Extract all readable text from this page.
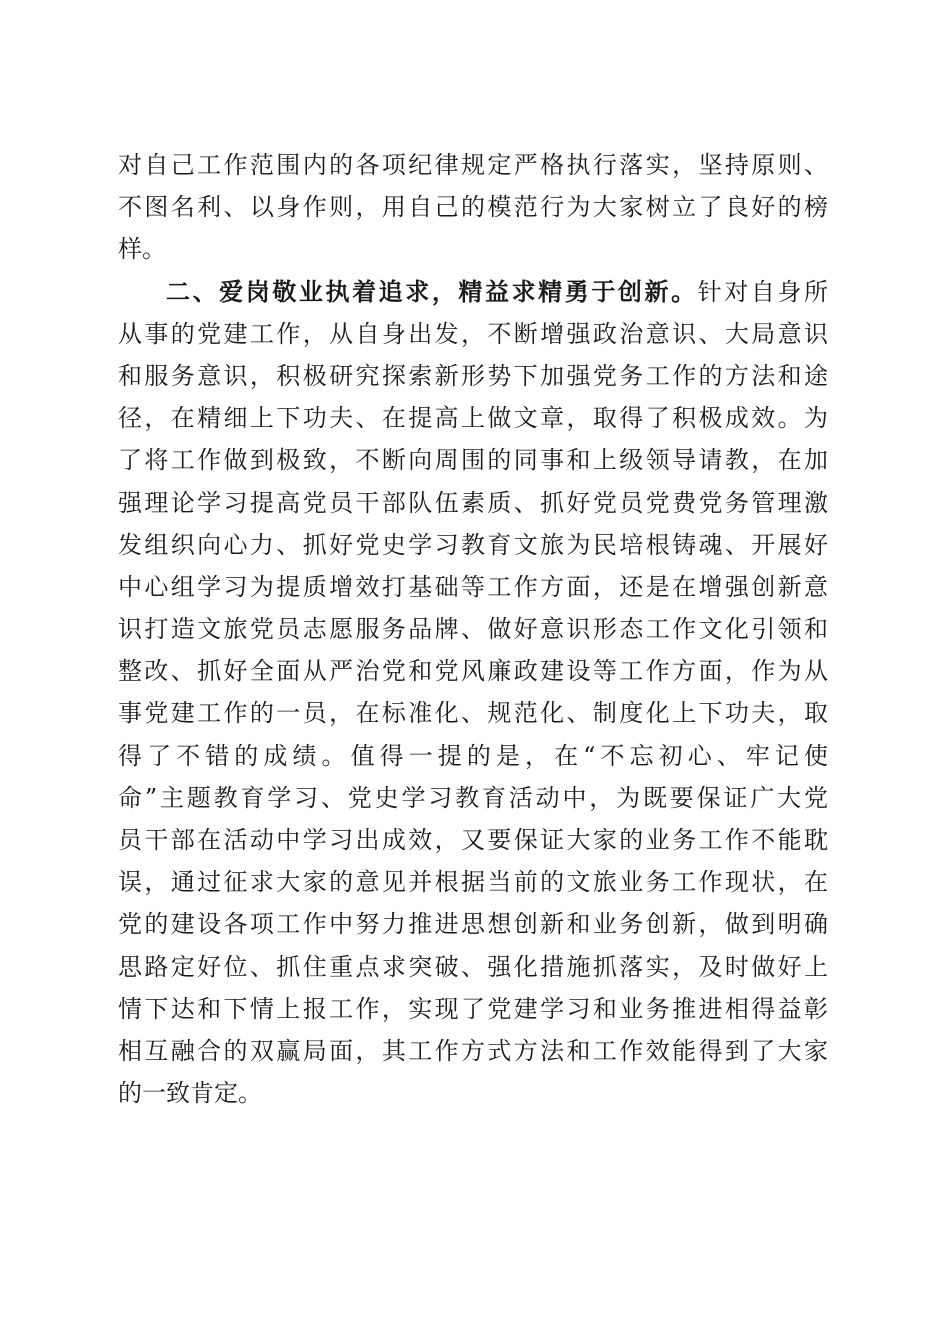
对自己工作范围内的各项纪律规定严格执行落实，坚持原则、
不图名利、以身作则，用自己的模范行为大家树立了良好的榜
样。
二、爱岗敬业执着追求，精益求精勇于创新。针对自身所
从事的党建工作，从自身出发，不断增强政治意识、大局意识
和服务意识，积极研究探索新形势下加强党务工作的方法和途
径，在精细上下功夫、在提高上做文章，取得了积极成效。为
了将工作做到极致，不断向周围的同事和上级领导请教，在加
强理论学习提高党员干部队伍素质、抓好党员党费党务管理激
发组织向心力、抓好党史学习教育文旅为民培根铸魂、开展好
中心组学习为提质增效打基础等工作方面，还是在增强创新意
识打造文旅党员志愿服务品牌、做好意识形态工作文化引领和
整改、抓好全面从严治党和党风廉政建设等工作方面，作为从
事党建工作的一员，在标准化、规范化、制度化上下功夫，取
得了不错的成绩。值得一提的是，在“不忘初心、牢记使
命”主题教育学习、党史学习教育活动中，为既要保证广大党
员干部在活动中学习出成效，又要保证大家的业务工作不能耽
误，通过征求大家的意见并根据当前的文旅业务工作现状，在
党的建设各项工作中努力推进思想创新和业务创新，做到明确
思路定好位、抓住重点求突破、强化措施抓落实，及时做好上
情下达和下情上报工作，实现了党建学习和业务推进相得益彰
相互融合的双赢局面，其工作方式方法和工作效能得到了大家
的一致肯定。
